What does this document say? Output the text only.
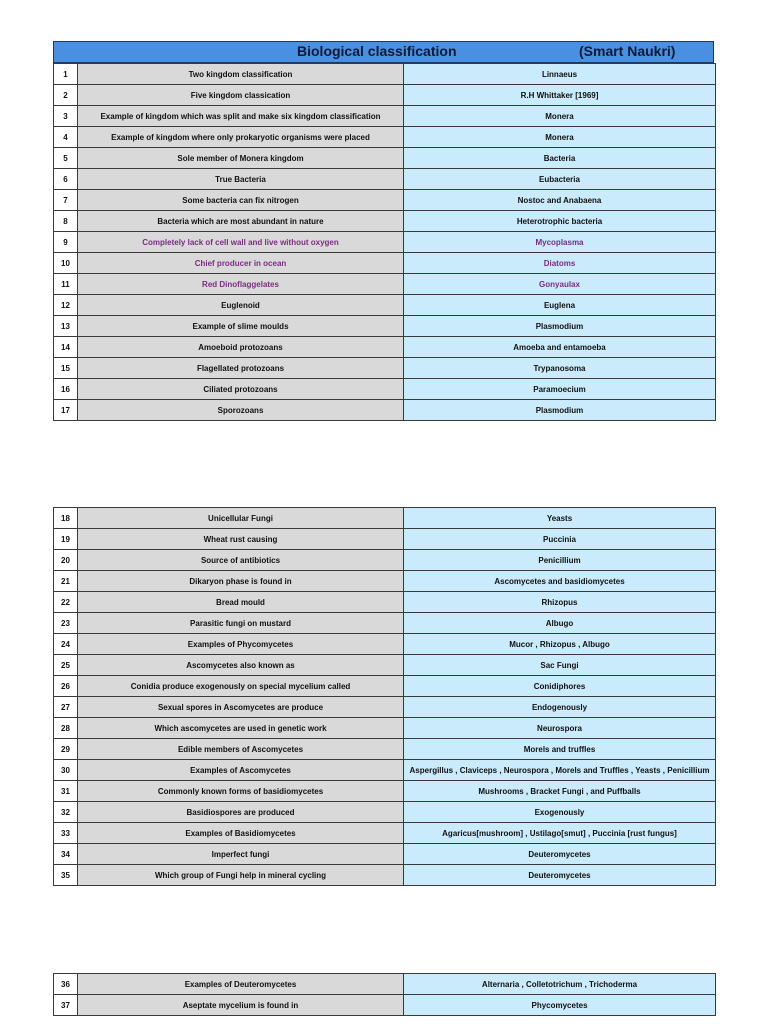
Biological classification	(Smart Naukri)
1	Two kingdom classification	Linnaeus
2	Five kingdom classication	R.H Whittaker [1969]
3	Example of kingdom which was split and make six kingdom classification	Monera
4	Example of kingdom where only prokaryotic organisms were placed	Monera
5	Sole member of Monera kingdom	Bacteria
6	True Bacteria	Eubacteria
7	Some bacteria can fix nitrogen	Nostoc and Anabaena
8	Bacteria which are most abundant in nature	Heterotrophic bacteria
9	Completely lack of cell wall and live without oxygen	Mycoplasma
10	Chief producer in ocean	Diatoms
11	Red Dinoflaggelates	Gonyaulax
12	Euglenoid	Euglena
13	Example of slime moulds	Plasmodium
14	Amoeboid protozoans	Amoeba and entamoeba
15	Flagellated protozoans	Trypanosoma
16	Ciliated protozoans	Paramoecium
17	Sporozoans	Plasmodium
18	Unicellular Fungi	Yeasts
19	Wheat rust causing	Puccinia
20	Source of antibiotics	Penicillium
21	Dikaryon phase is found in	Ascomycetes and basidiomycetes
22	Bread mould	Rhizopus
23	Parasitic fungi on mustard	Albugo
24	Examples of Phycomycetes	Mucor , Rhizopus , Albugo
25	Ascomycetes also known as	Sac Fungi
26	Conidia produce exogenously on special mycelium called	Conidiphores
27	Sexual spores in Ascomycetes are produce	Endogenously
28	Which ascomycetes are used in genetic work	Neurospora
29	Edible members of Ascomycetes	Morels and truffles
30	Examples of Ascomycetes	Aspergillus , Claviceps , Neurospora , Morels and Truffles , Yeasts , Penicillium
31	Commonly known forms of basidiomycetes	Mushrooms , Bracket Fungi , and Puffballs
32	Basidiospores are produced	Exogenously
33	Examples of Basidiomycetes	Agaricus[mushroom] , Ustilago[smut] , Puccinia [rust fungus]
34	Imperfect fungi	Deuteromycetes
35	Which group of Fungi help in mineral cycling	Deuteromycetes
36	Examples of Deuteromycetes	Alternaria , Colletotrichum , Trichoderma
37	Aseptate mycelium is found in	Phycomycetes
